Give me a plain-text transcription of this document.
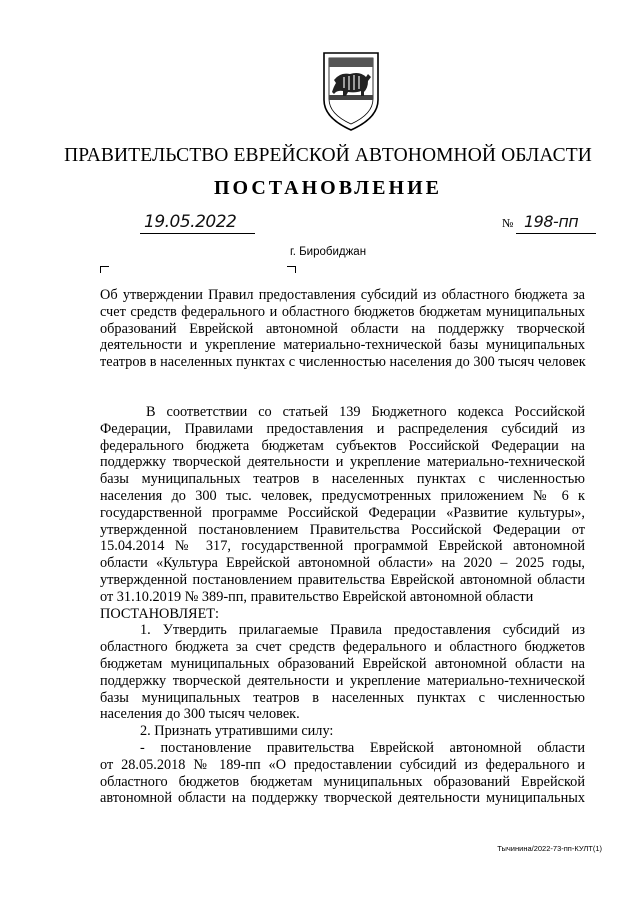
ПРАВИТЕЛЬСТВО ЕВРЕЙСКОЙ АВТОНОМНОЙ ОБЛАСТИ
ПОСТАНОВЛЕНИЕ
19.05.2022	№ 198-пп
г. Биробиджан
Об утверждении Правил предоставления субсидий из областного бюджета за
счет средств федерального и областного бюджетов бюджетам муниципальных
образований Еврейской автономной области на поддержку творческой
деятельности и укрепление материально-технической базы муниципальных
театров в населенных пунктах с численностью населения до 300 тысяч человек
В соответствии со статьей 139 Бюджетного кодекса Российской
Федерации, Правилами предоставления и распределения субсидий из
федерального бюджета бюджетам субъектов Российской Федерации на
поддержку творческой деятельности и укрепление материально-технической
базы муниципальных театров в населенных пунктах с численностью
населения до 300 тыс. человек, предусмотренных приложением № 6 к
государственной программе Российской Федерации «Развитие культуры»,
утвержденной постановлением Правительства Российской Федерации от
15.04.2014 № 317, государственной программой Еврейской автономной
области «Культура Еврейской автономной области» на 2020 – 2025 годы,
утвержденной постановлением правительства Еврейской автономной области
от 31.10.2019 № 389-пп, правительство Еврейской автономной области
ПОСТАНОВЛЯЕТ:
1. Утвердить прилагаемые Правила предоставления субсидий из
областного бюджета за счет средств федерального и областного бюджетов
бюджетам муниципальных образований Еврейской автономной области на
поддержку творческой деятельности и укрепление материально-технической
базы муниципальных театров в населенных пунктах с численностью
населения до 300 тысяч человек.
2. Признать утратившими силу:
- постановление правительства Еврейской автономной области
от 28.05.2018 № 189-пп «О предоставлении субсидий из федерального и
областного бюджетов бюджетам муниципальных образований Еврейской
автономной области на поддержку творческой деятельности муниципальных
Тычинина/2022-73-пп-КУЛТ(1)
